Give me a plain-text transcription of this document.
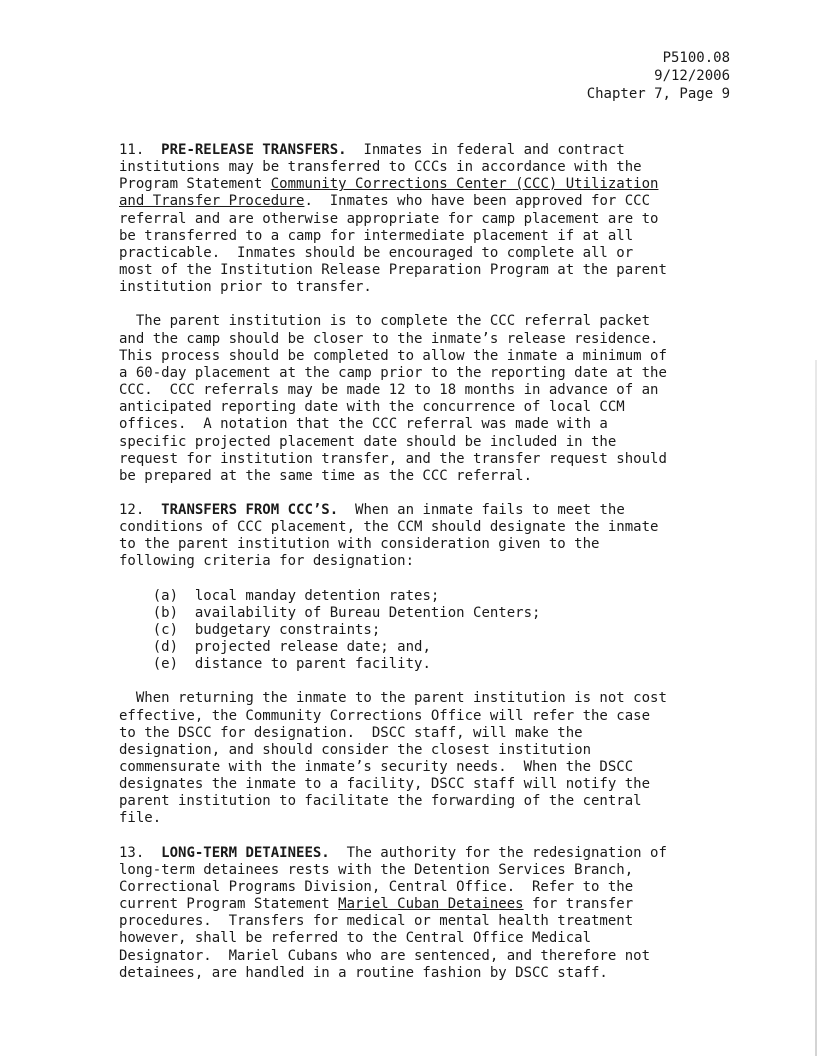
P5100.08
9/12/2006
Chapter 7, Page 9

11. PRE-RELEASE TRANSFERS. Inmates in federal and contract

institutions may be transferred to CCCs in accordance with the

Program Statement Community Corrections Center (CCC) Utilization

and Transfer Procedure.  Inmates who have been approved for CCC

referral and are otherwise appropriate for camp placement are to

be transferred to a camp for intermediate placement if at all

practicable.  Inmates should be encouraged to complete all or

most of the Institution Release Preparation Program at the parent

institution prior to transfer.

The parent institution is to complete the CCC referral packet

and the camp should be closer to the inmate’s release residence.

This process should be completed to allow the inmate a minimum of

a 60-day placement at the camp prior to the reporting date at the

CCC.  CCC referrals may be made 12 to 18 months in advance of an

anticipated reporting date with the concurrence of local CCM

offices.  A notation that the CCC referral was made with a

specific projected placement date should be included in the

request for institution transfer, and the transfer request should

be prepared at the same time as the CCC referral.

12. TRANSFERS FROM CCC’S. When an inmate fails to meet the

conditions of CCC placement, the CCM should designate the inmate

to the parent institution with consideration given to the

following criteria for designation:

(a)  local manday detention rates;
(b)  availability of Bureau Detention Centers;
(c)  budgetary constraints;
(d)  projected release date; and,
(e)  distance to parent facility.

When returning the inmate to the parent institution is not cost

effective, the Community Corrections Office will refer the case

to the DSCC for designation.  DSCC staff, will make the

designation, and should consider the closest institution

commensurate with the inmate’s security needs.  When the DSCC

designates the inmate to a facility, DSCC staff will notify the

parent institution to facilitate the forwarding of the central

file.

13. LONG-TERM DETAINEES. The authority for the redesignation of

long-term detainees rests with the Detention Services Branch,

Correctional Programs Division, Central Office.  Refer to the

current Program Statement Mariel Cuban Detainees for transfer

procedures.  Transfers for medical or mental health treatment

however, shall be referred to the Central Office Medical

Designator.  Mariel Cubans who are sentenced, and therefore not

detainees, are handled in a routine fashion by DSCC staff.
